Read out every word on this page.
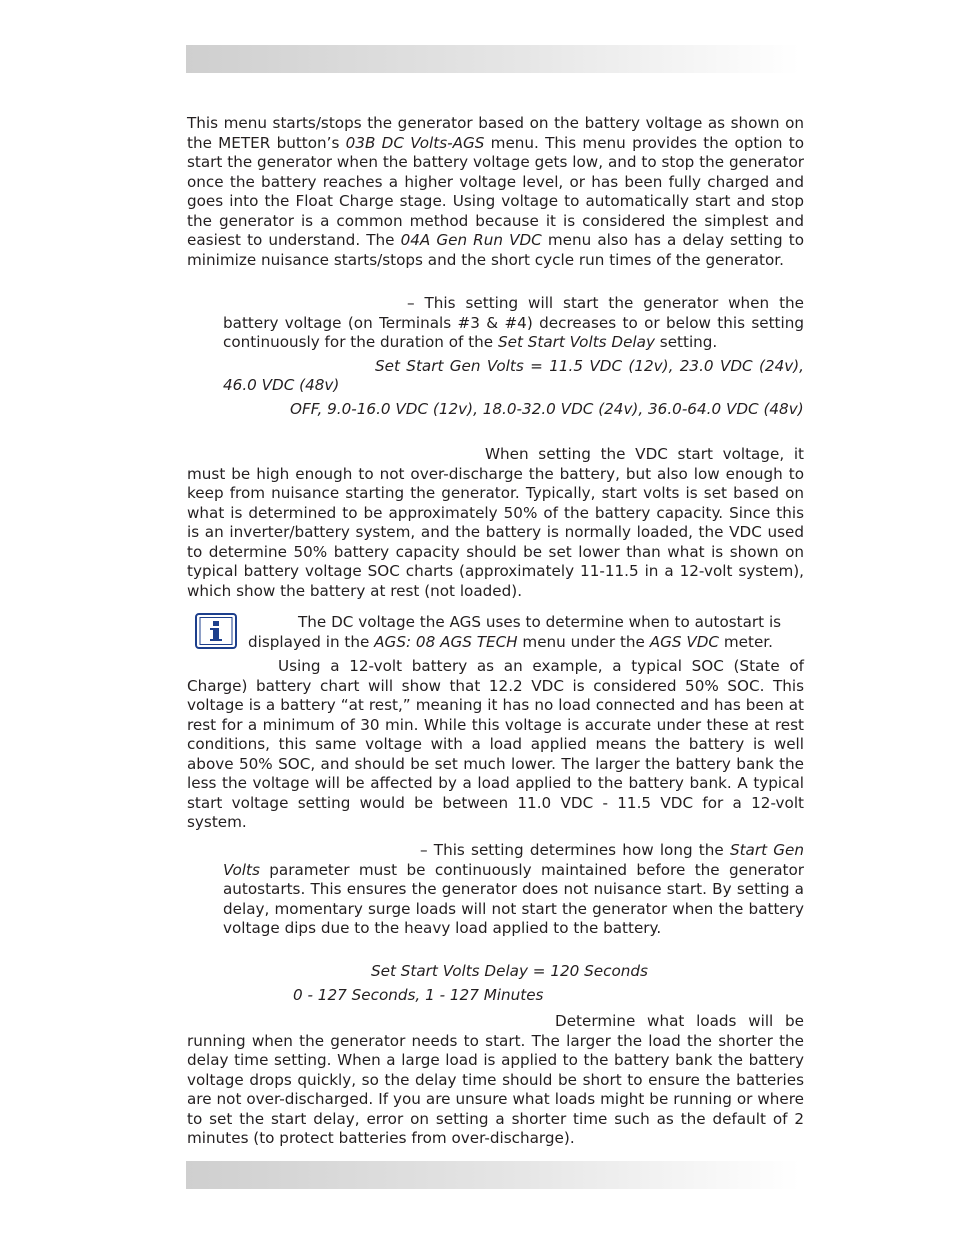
This menu starts/stops the generator based on the battery voltage as shown on the METER button’s 03B DC Volts-AGS menu. This menu provides the option to start the generator when the battery voltage gets low, and to stop the generator once the battery reaches a higher voltage level, or has been fully charged and goes into the Float Charge stage. Using voltage to automatically start and stop the generator is a common method because it is considered the simplest and easiest to understand. The 04A Gen Run VDC menu also has a delay setting to minimize nuisance starts/stops and the short cycle run times of the generator.

– This setting will start the generator when the battery voltage (on Terminals #3 & #4) decreases to or below this setting continuously for the duration of the Set Start Volts Delay setting.

Set Start Gen Volts = 11.5 VDC (12v), 23.0 VDC (24v), 46.0 VDC (48v)

OFF, 9.0-16.0 VDC (12v), 18.0-32.0 VDC (24v), 36.0-64.0 VDC (48v)

When setting the VDC start voltage, it must be high enough to not over-discharge the battery, but also low enough to keep from nuisance starting the generator. Typically, start volts is set based on what is determined to be approximately 50% of the battery capacity. Since this is an inverter/battery system, and the battery is normally loaded, the VDC used to determine 50% battery capacity should be set lower than what is shown on typical battery voltage SOC charts (approximately 11-11.5 in a 12-volt system), which show the battery at rest (not loaded).

The DC voltage the AGS uses to determine when to autostart is displayed in the AGS: 08 AGS TECH menu under the AGS VDC meter.

Using a 12-volt battery as an example, a typical SOC (State of Charge) battery chart will show that 12.2 VDC is considered 50% SOC. This voltage is a battery “at rest,” meaning it has no load connected and has been at rest for a minimum of 30 min. While this voltage is accurate under these at rest conditions, this same voltage with a load applied means the battery is well above 50% SOC, and should be set much lower. The larger the battery bank the less the voltage will be affected by a load applied to the battery bank. A typical start voltage setting would be between 11.0 VDC - 11.5 VDC for a 12-volt system.

– This setting determines how long the Start Gen Volts parameter must be continuously maintained before the generator autostarts. This ensures the generator does not nuisance start. By setting a delay, momentary surge loads will not start the generator when the battery voltage dips due to the heavy load applied to the battery.

Set Start Volts Delay = 120 Seconds

0 - 127 Seconds, 1 - 127 Minutes

Determine what loads will be running when the generator needs to start. The larger the load the shorter the delay time setting. When a large load is applied to the battery bank the battery voltage drops quickly, so the delay time should be short to ensure the batteries are not over-discharged. If you are unsure what loads might be running or where to set the start delay, error on setting a shorter time such as the default of 2 minutes (to protect batteries from over-discharge).
